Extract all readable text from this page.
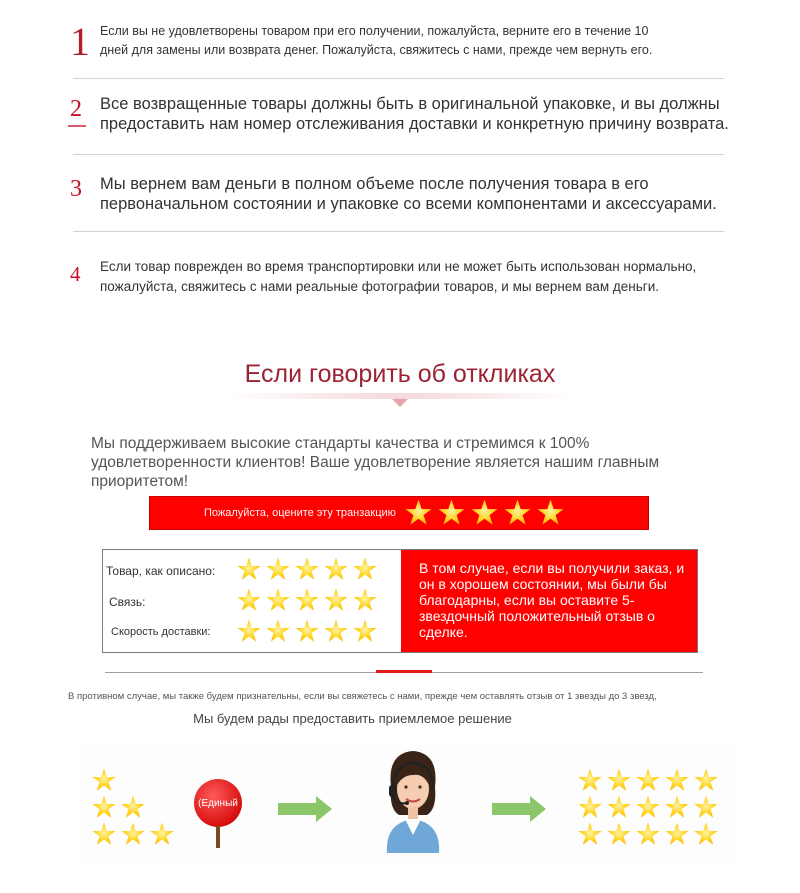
1 Если вы не удовлетворены товаром при его получении, пожалуйста, верните его в течение 10 дней для замены или возврата денег. Пожалуйста, свяжитесь с нами, прежде чем вернуть его.
2 Все возвращенные товары должны быть в оригинальной упаковке, и вы должны предоставить нам номер отслеживания доставки и конкретную причину возврата.
3 Мы вернем вам деньги в полном объеме после получения товара в его первоначальном состоянии и упаковке со всеми компонентами и аксессуарами.
4 Если товар поврежден во время транспортировки или не может быть использован нормально, пожалуйста, свяжитесь с нами реальные фотографии товаров, и мы вернем вам деньги.
Если говорить об откликах
Мы поддерживаем высокие стандарты качества и стремимся к 100% удовлетворенности клиентов! Ваше удовлетворение является нашим главным приоритетом!
Пожалуйста, оцените эту транзакцию
Товар, как описано:
Связь:
Скорость доставки:
В том случае, если вы получили заказ, и он в хорошем состоянии, мы были бы благодарны, если вы оставите 5-звездочный положительный отзыв о сделке.
В противном случае, мы также будем признательны, если вы свяжетесь с нами, прежде чем оставлять отзыв от 1 звезды до 3 звезд,
Мы будем рады предоставить приемлемое решение
(Единый
